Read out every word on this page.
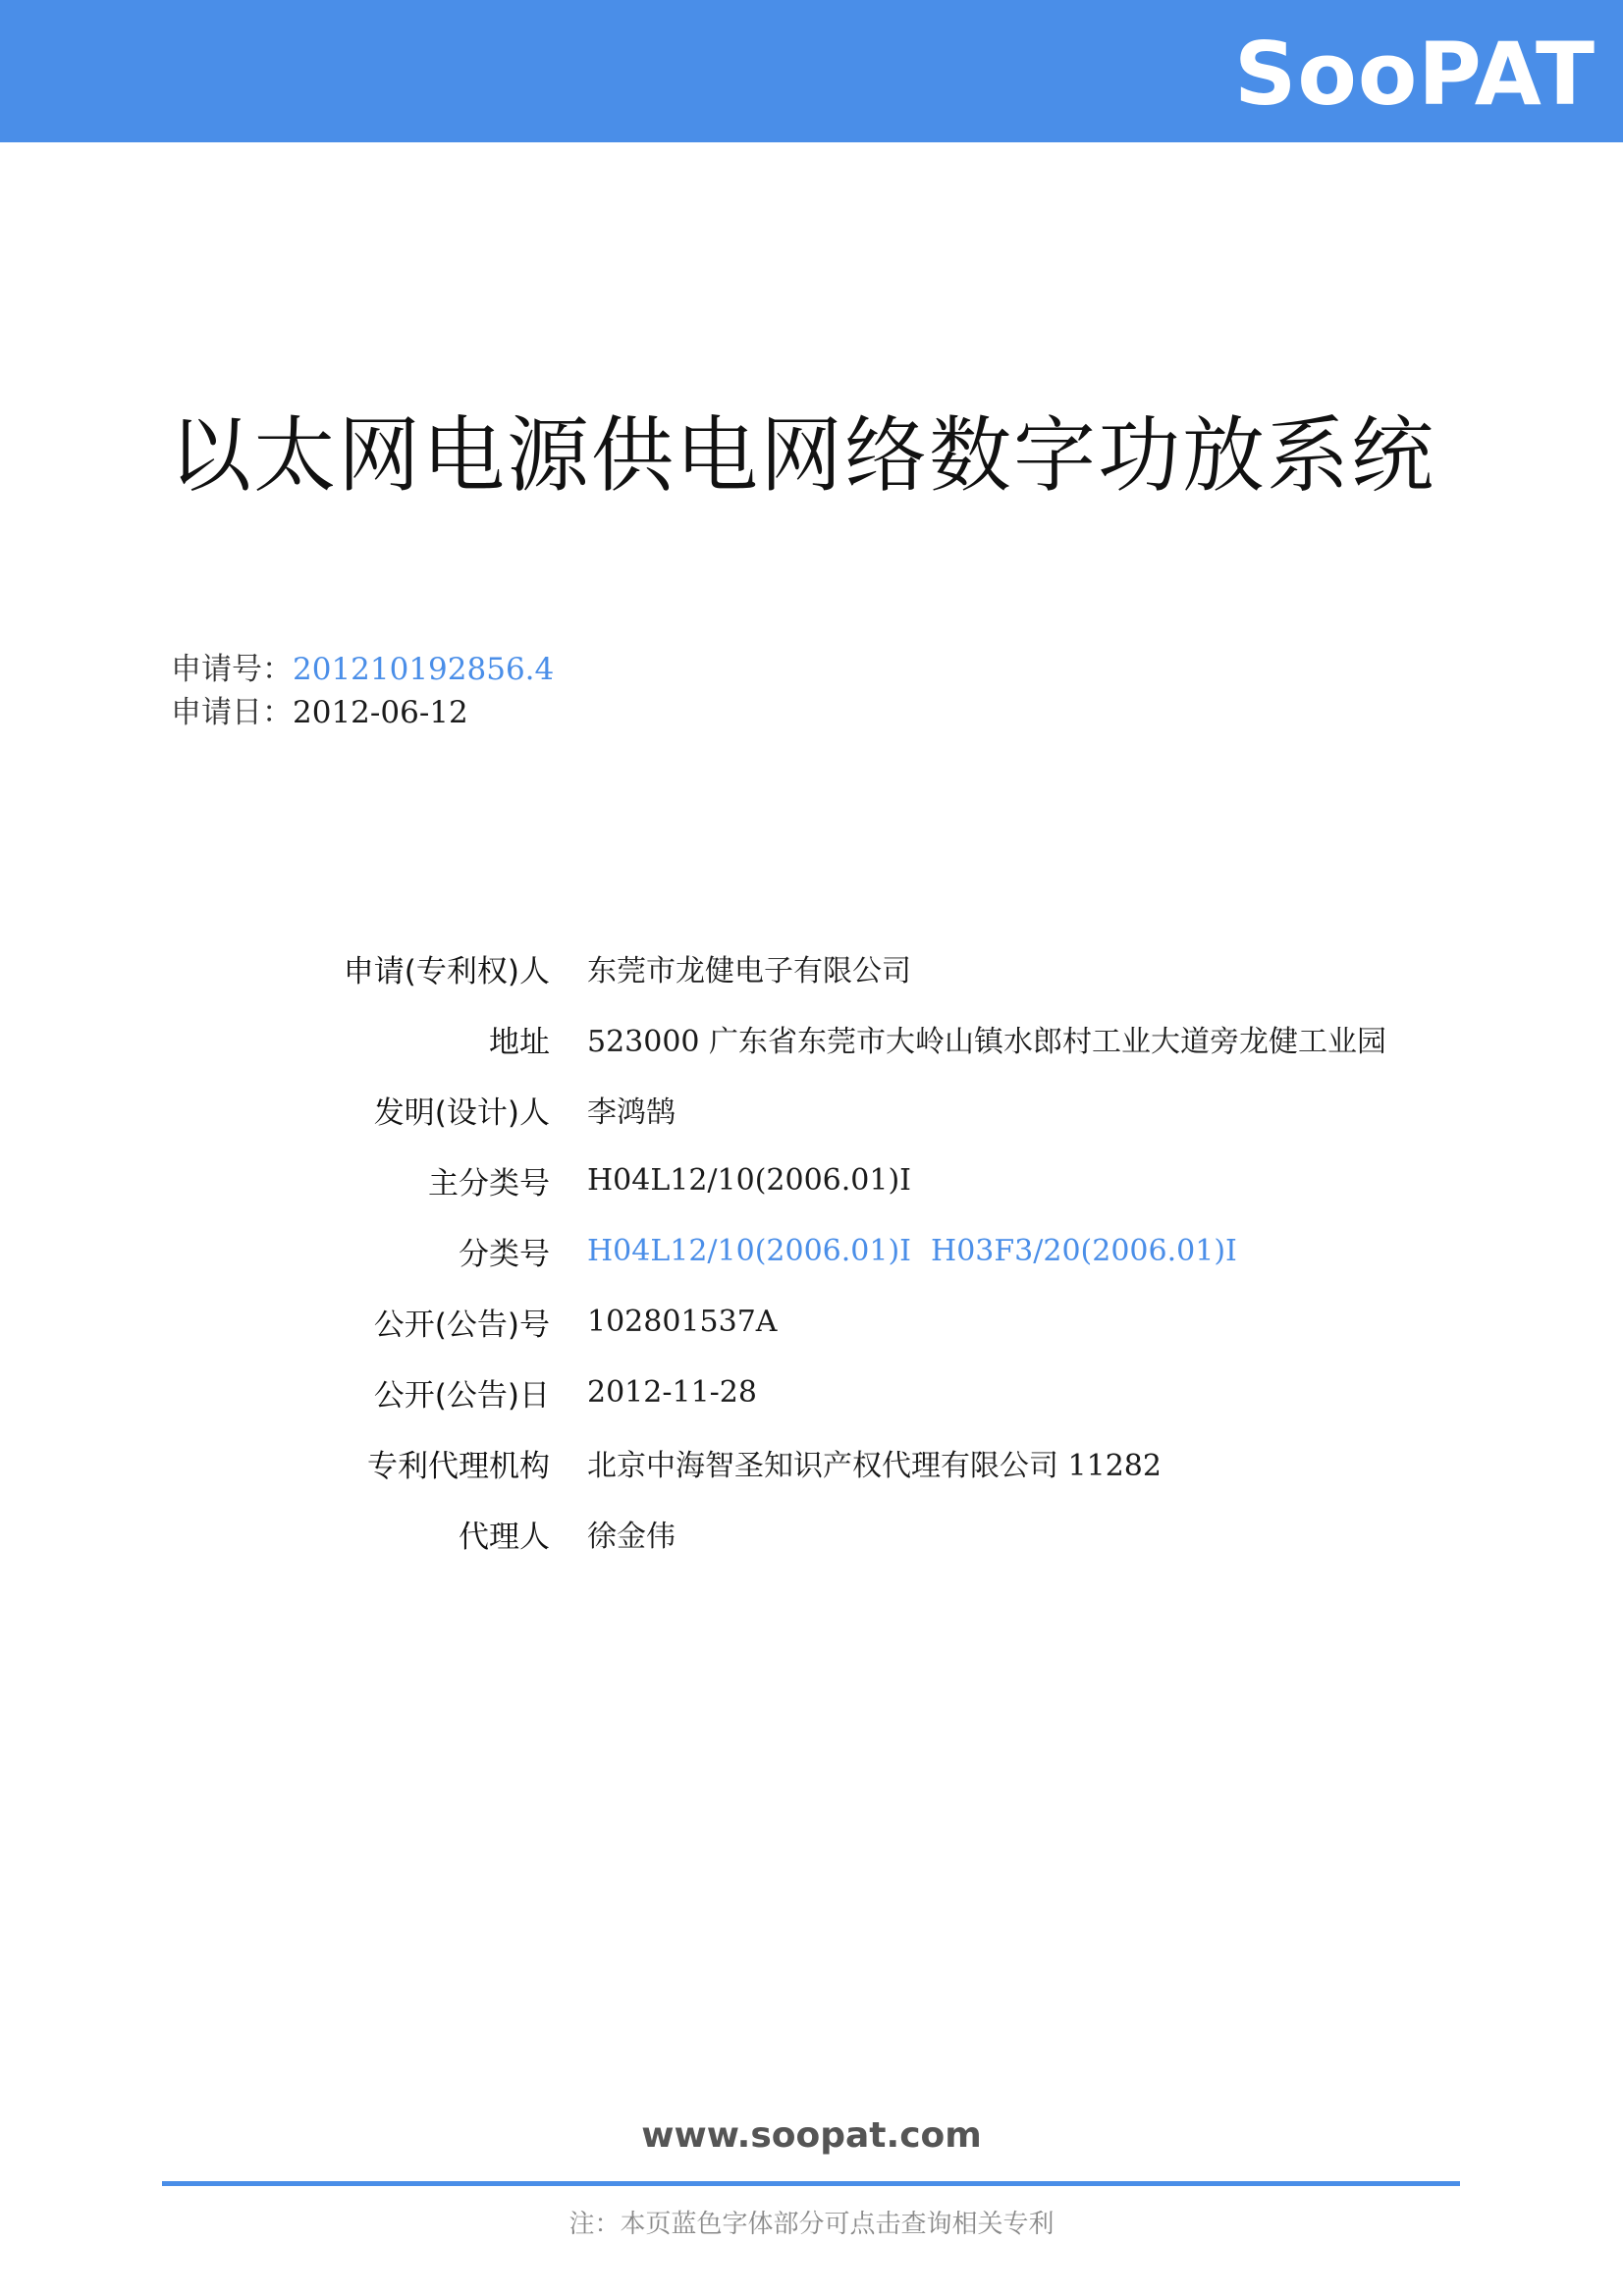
SooPAT
以太网电源供电网络数字功放系统
申请号：201210192856.4
申请日：2012-06-12
申请(专利权)人 东莞市龙健电子有限公司
地址 523000 广东省东莞市大岭山镇水郎村工业大道旁龙健工业园
发明(设计)人 李鸿鹄
主分类号 H04L12/10(2006.01)I
分类号 H04L12/10(2006.01)I H03F3/20(2006.01)I
公开(公告)号 102801537A
公开(公告)日 2012-11-28
专利代理机构 北京中海智圣知识产权代理有限公司 11282
代理人 徐金伟
www.soopat.com
注：本页蓝色字体部分可点击查询相关专利
